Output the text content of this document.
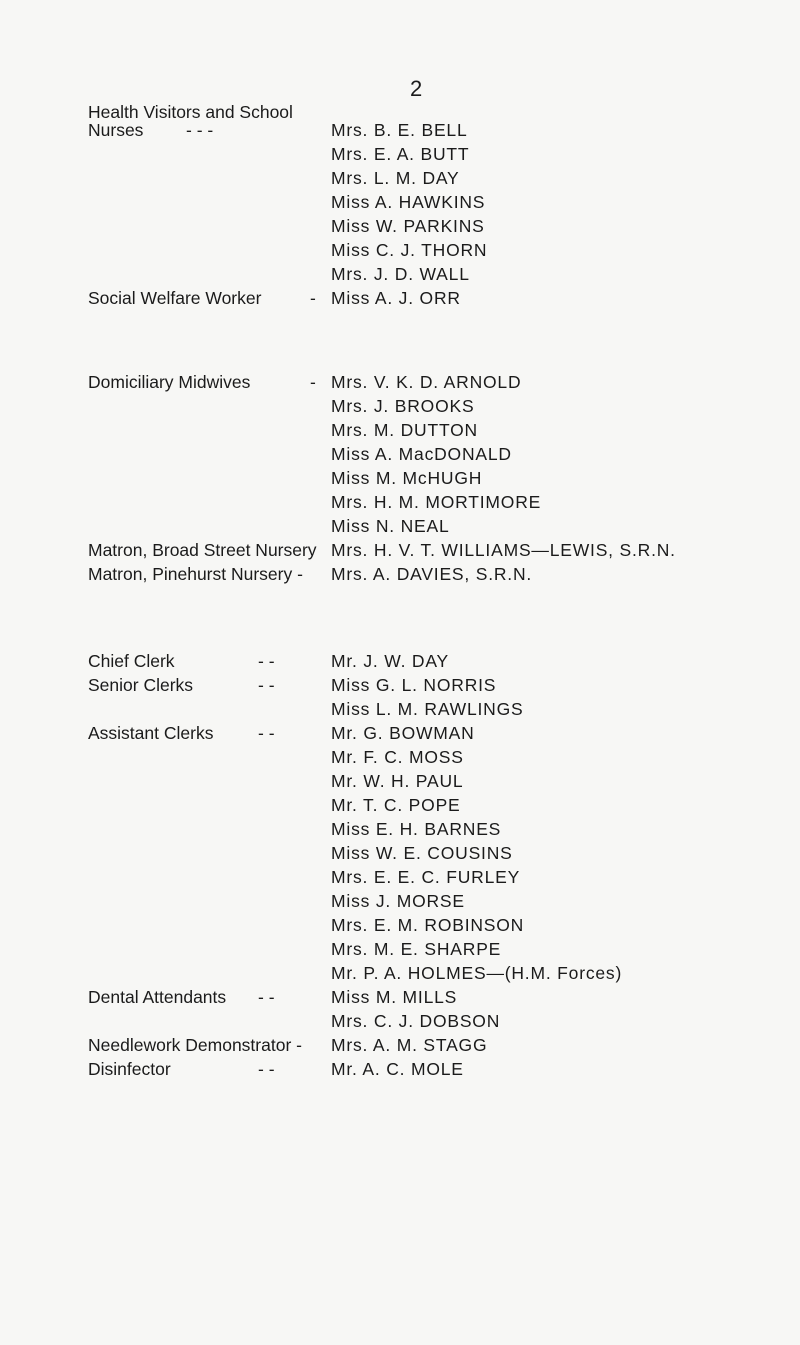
2
Health Visitors and School
Nurses - - -	Mrs. B. E. BELL
Mrs. E. A. BUTT
Mrs. L. M. DAY
Miss A. HAWKINS
Miss W. PARKINS
Miss C. J. THORN
Mrs. J. D. WALL
Social Welfare Worker	- Miss A. J. ORR
Domiciliary Midwives	- Mrs. V. K. D. ARNOLD
Mrs. J. BROOKS
Mrs. M. DUTTON
Miss A. MacDONALD
Miss M. McHUGH
Mrs. H. M. MORTIMORE
Miss N. NEAL
Matron, Broad Street Nursery Mrs. H. V. T. WILLIAMS—LEWIS, S.R.N.
Matron, Pinehurst Nursery - Mrs. A. DAVIES, S.R.N.
Chief Clerk	- -	Mr. J. W. DAY
Senior Clerks	- -	Miss G. L. NORRIS
Miss L. M. RAWLINGS
Assistant Clerks	- -	Mr. G. BOWMAN
Mr. F. C. MOSS
Mr. W. H. PAUL
Mr. T. C. POPE
Miss E. H. BARNES
Miss W. E. COUSINS
Mrs. E. E. C. FURLEY
Miss J. MORSE
Mrs. E. M. ROBINSON
Mrs. M. E. SHARPE
Mr. P. A. HOLMES—(H.M. Forces)
Dental Attendants - -	Miss M. MILLS
Mrs. C. J. DOBSON
Needlework Demonstrator - Mrs. A. M. STAGG
Disinfector	- -	Mr. A. C. MOLE
